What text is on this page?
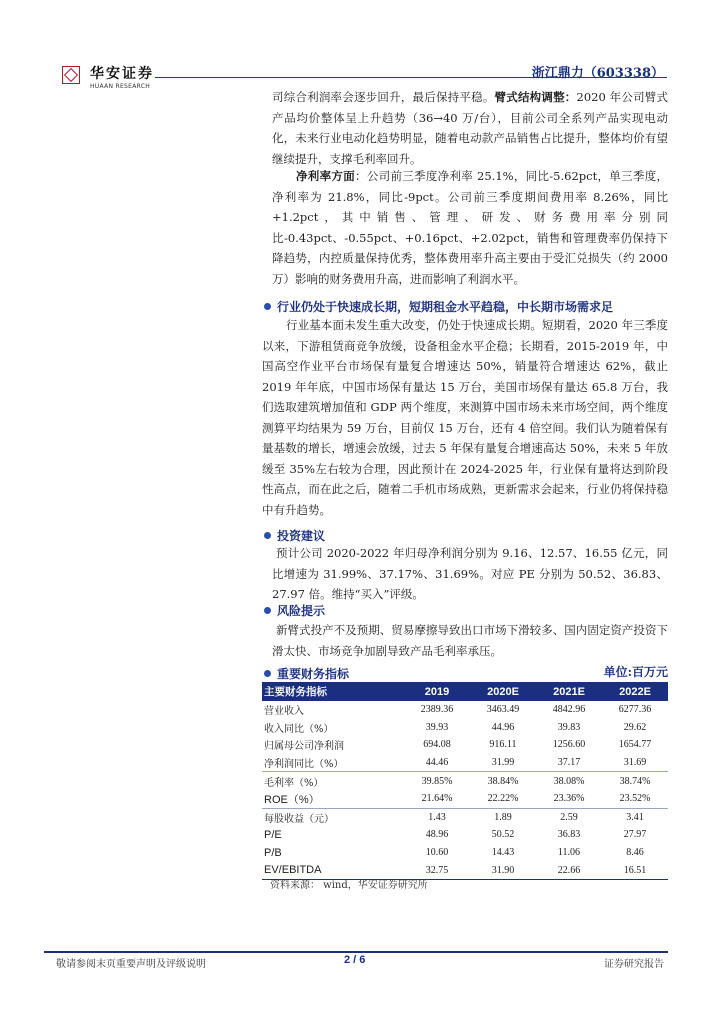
华安证券
HUAAN RESEARCH
浙江鼎力（603338）

司综合利润率会逐步回升，最后保持平稳。臂式结构调整：2020 年公司臂式产品均价整体呈上升趋势（36→40 万/台），目前公司全系列产品实现电动化，未来行业电动化趋势明显，随着电动款产品销售占比提升，整体均价有望继续提升，支撑毛利率回升。

净利率方面：公司前三季度净利率 25.1%，同比-5.62pct，单三季度，净利率为 21.8%，同比-9pct。公司前三季度期间费用率 8.26%，同比+1.2pct，其中销售、管理、研发、财务费用率分别同比-0.43pct、-0.55pct、+0.16pct、+2.02pct，销售和管理费率仍保持下降趋势，内控质量保持优秀，整体费用率升高主要由于受汇兑损失（约 2000 万）影响的财务费用升高，进而影响了利润水平。

行业仍处于快速成长期，短期租金水平趋稳，中长期市场需求足

行业基本面未发生重大改变，仍处于快速成长期。短期看，2020 年三季度以来，下游租赁商竞争放缓，设备租金水平企稳；长期看，2015-2019 年，中国高空作业平台市场保有量复合增速达 50%，销量符合增速达 62%，截止 2019 年年底，中国市场保有量达 15 万台，美国市场保有量达 65.8 万台，我们选取建筑增加值和 GDP 两个维度，来测算中国市场未来市场空间，两个维度测算平均结果为 59 万台，目前仅 15 万台，还有 4 倍空间。我们认为随着保有量基数的增长，增速会放缓，过去 5 年保有量复合增速高达 50%，未来 5 年放缓至 35%左右较为合理，因此预计在 2024-2025 年，行业保有量将达到阶段性高点，而在此之后，随着二手机市场成熟，更新需求会起来，行业仍将保持稳中有升趋势。

投资建议

预计公司 2020-2022 年归母净利润分别为 9.16、12.57、16.55 亿元，同比增速为 31.99%、37.17%、31.69%。对应 PE 分别为 50.52、36.83、27.97 倍。维持“买入”评级。

风险提示

新臂式投产不及预期、贸易摩擦导致出口市场下滑较多、国内固定资产投资下滑太快、市场竞争加剧导致产品毛利率承压。

重要财务指标	单位:百万元
主要财务指标	2019	2020E	2021E	2022E
营业收入	2389.36	3463.49	4842.96	6277.36
收入同比（%）	39.93	44.96	39.83	29.62
归属母公司净利润	694.08	916.11	1256.60	1654.77
净利润同比（%）	44.46	31.99	37.17	31.69
毛利率（%）	39.85%	38.84%	38.08%	38.74%
ROE（%）	21.64%	22.22%	23.36%	23.52%
每股收益（元）	1.43	1.89	2.59	3.41
P/E	48.96	50.52	36.83	27.97
P/B	10.60	14.43	11.06	8.46
EV/EBITDA	32.75	31.90	22.66	16.51
资料来源： wind，华安证券研究所
敬请参阅末页重要声明及评级说明	2 / 6	证券研究报告
